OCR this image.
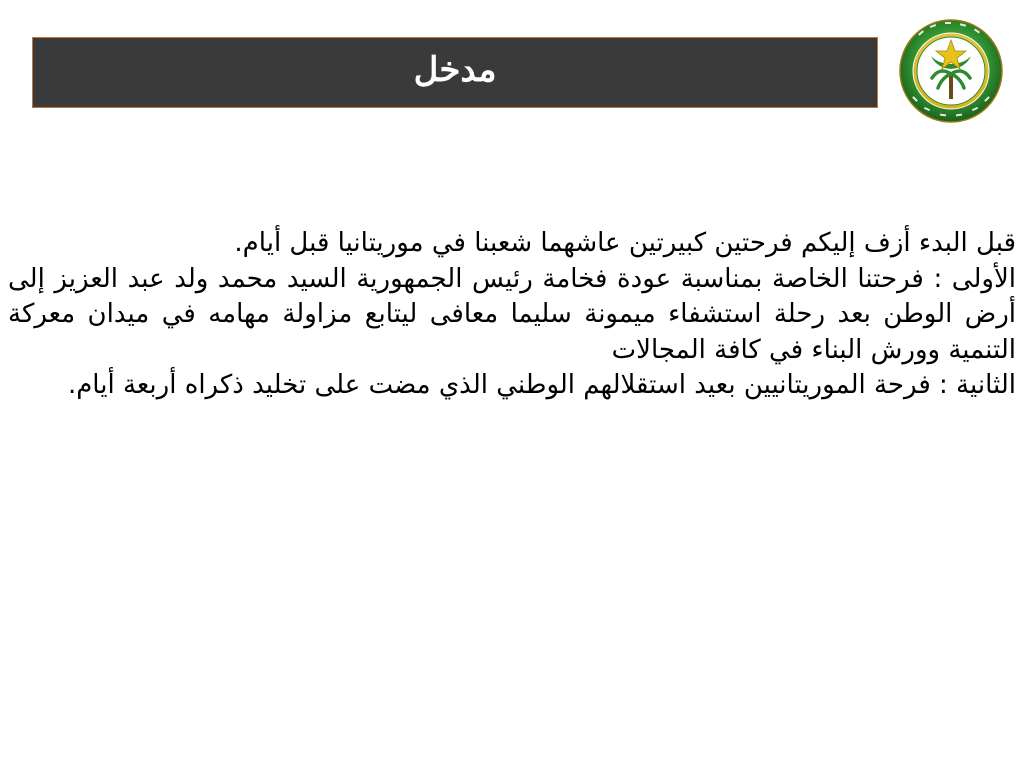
مدخل

قبل البدء أزف إليكم فرحتين كبيرتين عاشهما شعبنا في موريتانيا قبل أيام.

الأولى : فرحتنا الخاصة بمناسبة عودة فخامة رئيس الجمهورية السيد محمد ولد عبد العزيز إلى أرض الوطن بعد رحلة استشفاء ميمونة سليما معافى ليتابع مزاولة مهامه في ميدان معركة التنمية وورش البناء في كافة المجالات

الثانية : فرحة الموريتانيين بعيد استقلالهم الوطني الذي مضت على تخليد ذكراه أربعة أيام.
